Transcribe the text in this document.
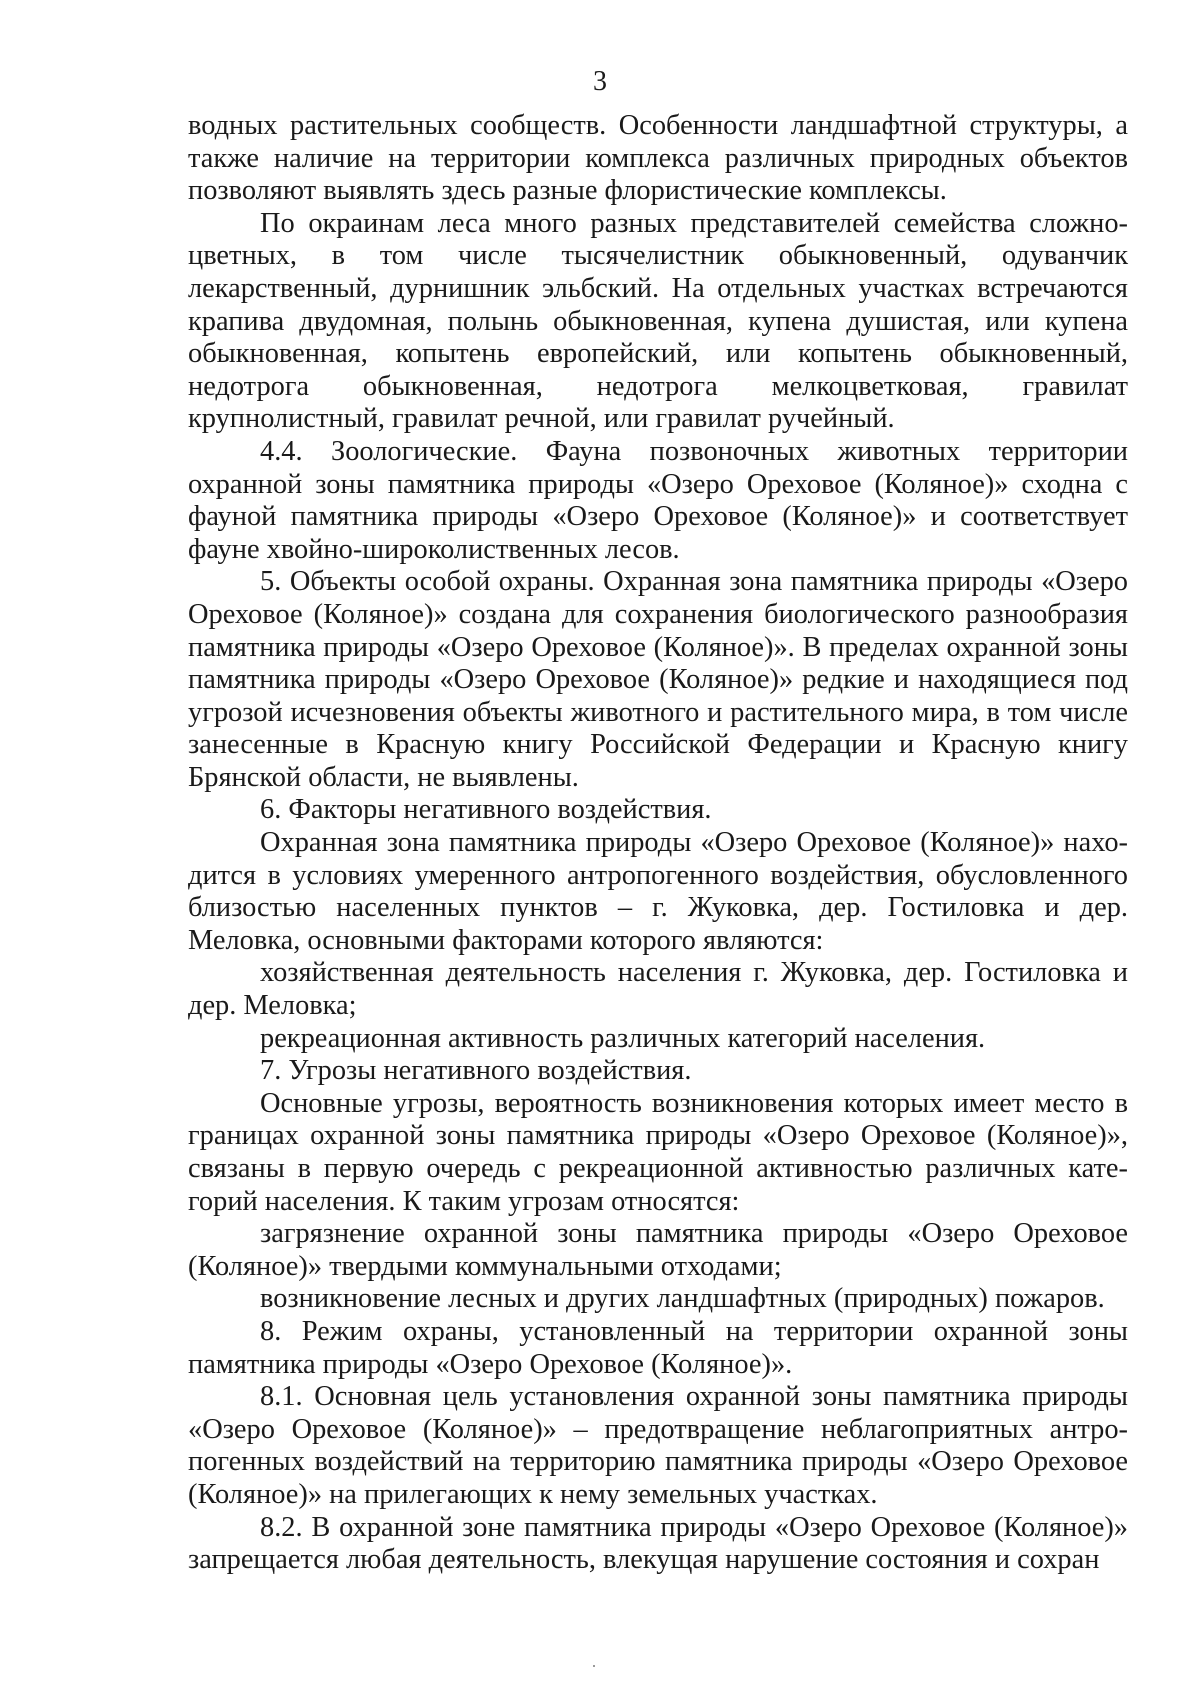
3

водных растительных сообществ. Особенности ландшафтной структуры, а также наличие на территории комплекса различных природных объектов позволяют выявлять здесь разные флористические комплексы.

По окраинам леса много разных представителей семейства сложноцветных, в том числе тысячелистник обыкновенный, одуванчик лекарственный, дурнишник эльбский. На отдельных участках встречаются крапива двудомная, полынь обыкновенная, купена душистая, или купена обыкновенная, копытень европейский, или копытень обыкновенный, недотрога обыкновенная, недотрога мелкоцветковая, гравилат крупнолистный, гравилат речной, или гравилат ручейный.

4.4. Зоологические. Фауна позвоночных животных территории охранной зоны памятника природы «Озеро Ореховое (Коляное)» сходна с фауной памятника природы «Озеро Ореховое (Коляное)» и соответствует фауне хвойно-широколиственных лесов.

5. Объекты особой охраны. Охранная зона памятника природы «Озеро Ореховое (Коляное)» создана для сохранения биологического разнообразия памятника природы «Озеро Ореховое (Коляное)». В пределах охранной зоны памятника природы «Озеро Ореховое (Коляное)» редкие и находящиеся под угрозой исчезновения объекты животного и растительного мира, в том числе занесенные в Красную книгу Российской Федерации и Красную книгу Брянской области, не выявлены.

6. Факторы негативного воздействия.

Охранная зона памятника природы «Озеро Ореховое (Коляное)» находится в условиях умеренного антропогенного воздействия, обусловленного близостью населенных пунктов – г. Жуковка, дер. Гостиловка и дер. Меловка, основными факторами которого являются:

хозяйственная деятельность населения г. Жуковка, дер. Гостиловка и дер. Меловка;

рекреационная активность различных категорий населения.

7. Угрозы негативного воздействия.

Основные угрозы, вероятность возникновения которых имеет место в границах охранной зоны памятника природы «Озеро Ореховое (Коляное)», связаны в первую очередь с рекреационной активностью различных категорий населения. К таким угрозам относятся:

загрязнение охранной зоны памятника природы «Озеро Ореховое (Коляное)» твердыми коммунальными отходами;

возникновение лесных и других ландшафтных (природных) пожаров.

8. Режим охраны, установленный на территории охранной зоны памятника природы «Озеро Ореховое (Коляное)».

8.1. Основная цель установления охранной зоны памятника природы «Озеро Ореховое (Коляное)» – предотвращение неблагоприятных антропогенных воздействий на территорию памятника природы «Озеро Ореховое (Коляное)» на прилегающих к нему земельных участках.

8.2. В охранной зоне памятника природы «Озеро Ореховое (Коляное)» запрещается любая деятельность, влекущая нарушение состояния и сохран
